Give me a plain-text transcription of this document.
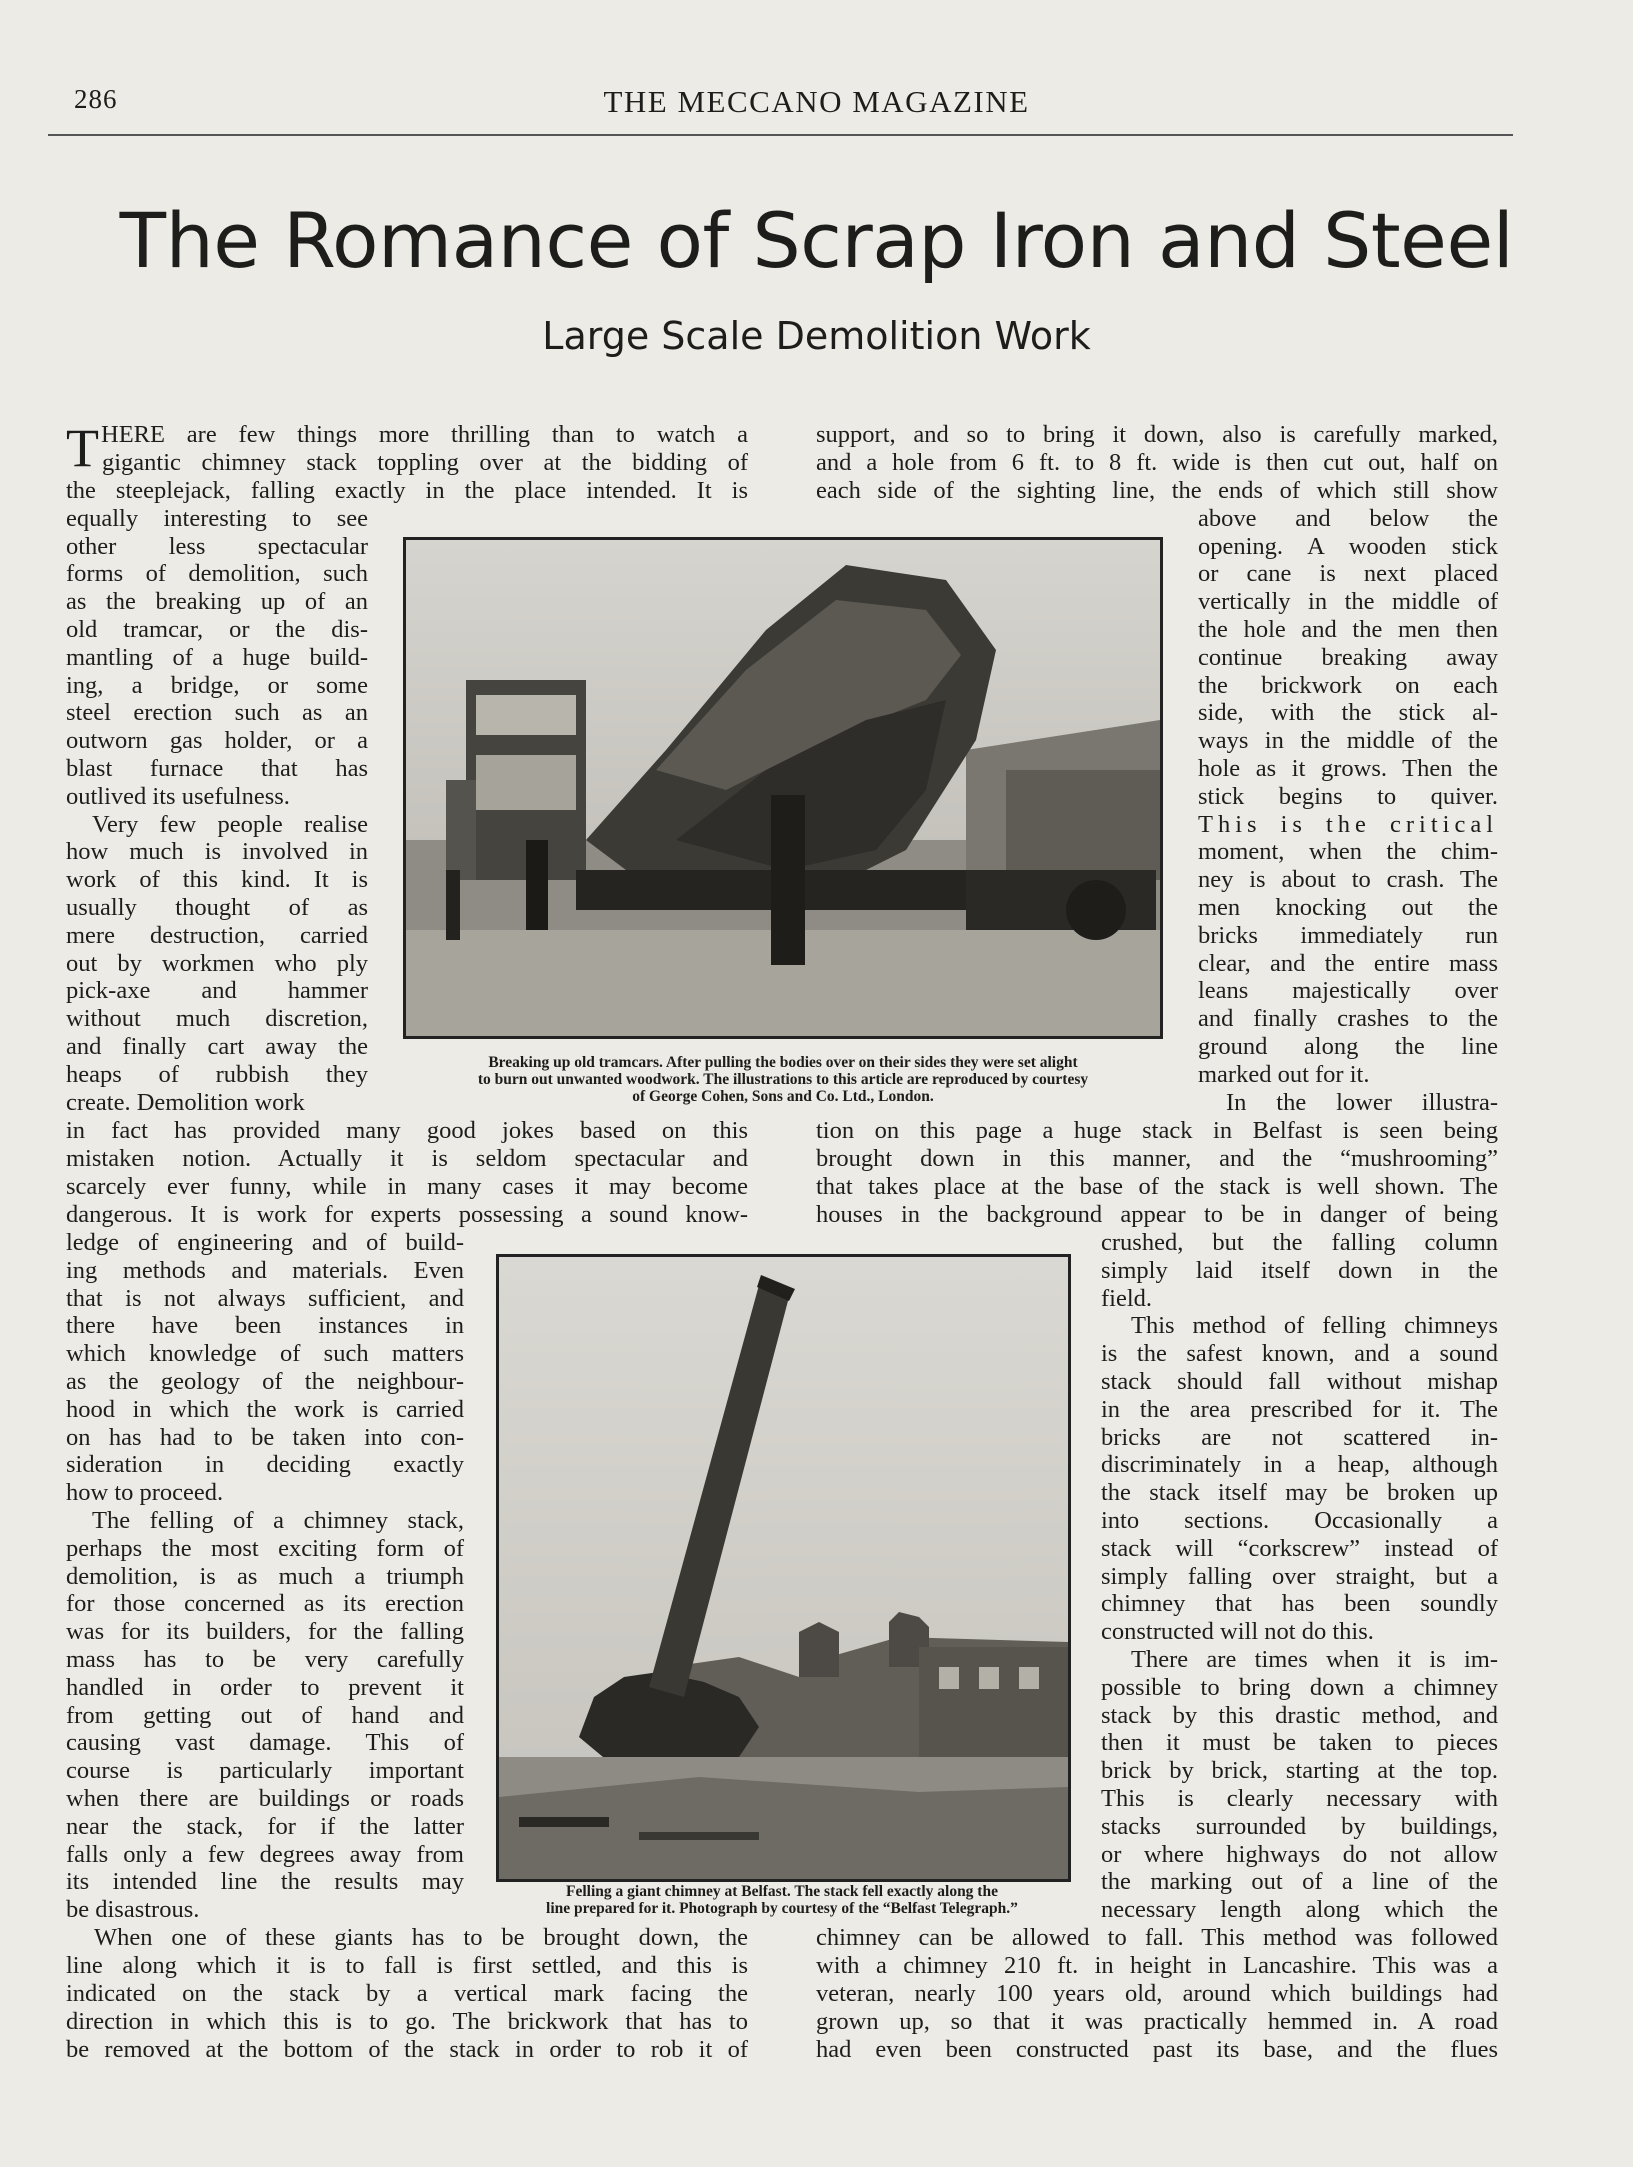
286	THE MECCANO MAGAZINE
The Romance of Scrap Iron and Steel
Large Scale Demolition Work
Breaking up old tramcars. After pulling the bodies over on their sides they were set alight
to burn out unwanted woodwork. The illustrations to this article are reproduced by courtesy
of George Cohen, Sons and Co. Ltd., London.
Felling a giant chimney at Belfast. The stack fell exactly along the
line prepared for it. Photograph by courtesy of the “Belfast Telegraph.”
THERE are few things more thrilling than to watch a
gigantic chimney stack toppling over at the bidding of
the steeplejack, falling exactly in the place intended. It is
equally interesting to see
other less spectacular
forms of demolition, such
as the breaking up of an
old tramcar, or the dis-
mantling of a huge build-
ing, a bridge, or some
steel erection such as an
outworn gas holder, or a
blast furnace that has
outlived its usefulness.
Very few people realise
how much is involved in
work of this kind. It is
usually thought of as
mere destruction, carried
out by workmen who ply
pick-axe and hammer
without much discretion,
and finally cart away the
heaps of rubbish they
create. Demolition work
in fact has provided many good jokes based on this
mistaken notion. Actually it is seldom spectacular and
scarcely ever funny, while in many cases it may become
dangerous. It is work for experts possessing a sound know-
ledge of engineering and of build-
ing methods and materials. Even
that is not always sufficient, and
there have been instances in
which knowledge of such matters
as the geology of the neighbour-
hood in which the work is carried
on has had to be taken into con-
sideration in deciding exactly
how to proceed.
The felling of a chimney stack,
perhaps the most exciting form of
demolition, is as much a triumph
for those concerned as its erection
was for its builders, for the falling
mass has to be very carefully
handled in order to prevent it
from getting out of hand and
causing vast damage. This of
course is particularly important
when there are buildings or roads
near the stack, for if the latter
falls only a few degrees away from
its intended line the results may
be disastrous.
When one of these giants has to be brought down, the
line along which it is to fall is first settled, and this is
indicated on the stack by a vertical mark facing the
direction in which this is to go. The brickwork that has to
be removed at the bottom of the stack in order to rob it of
support, and so to bring it down, also is carefully marked,
and a hole from 6 ft. to 8 ft. wide is then cut out, half on
each side of the sighting line, the ends of which still show
above and below the
opening. A wooden stick
or cane is next placed
vertically in the middle of
the hole and the men then
continue breaking away
the brickwork on each
side, with the stick al-
ways in the middle of the
hole as it grows. Then the
stick begins to quiver.
This is the critical
moment, when the chim-
ney is about to crash. The
men knocking out the
bricks immediately run
clear, and the entire mass
leans majestically over
and finally crashes to the
ground along the line
marked out for it.
In the lower illustra-
tion on this page a huge stack in Belfast is seen being
brought down in this manner, and the “mushrooming”
that takes place at the base of the stack is well shown. The
houses in the background appear to be in danger of being
crushed, but the falling column
simply laid itself down in the
field.
This method of felling chimneys
is the safest known, and a sound
stack should fall without mishap
in the area prescribed for it. The
bricks are not scattered in-
discriminately in a heap, although
the stack itself may be broken up
into sections. Occasionally a
stack will “corkscrew” instead of
simply falling over straight, but a
chimney that has been soundly
constructed will not do this.
There are times when it is im-
possible to bring down a chimney
stack by this drastic method, and
then it must be taken to pieces
brick by brick, starting at the top.
This is clearly necessary with
stacks surrounded by buildings,
or where highways do not allow
the marking out of a line of the
necessary length along which the
chimney can be allowed to fall. This method was followed
with a chimney 210 ft. in height in Lancashire. This was a
veteran, nearly 100 years old, around which buildings had
grown up, so that it was practically hemmed in. A road
had even been constructed past its base, and the flues
